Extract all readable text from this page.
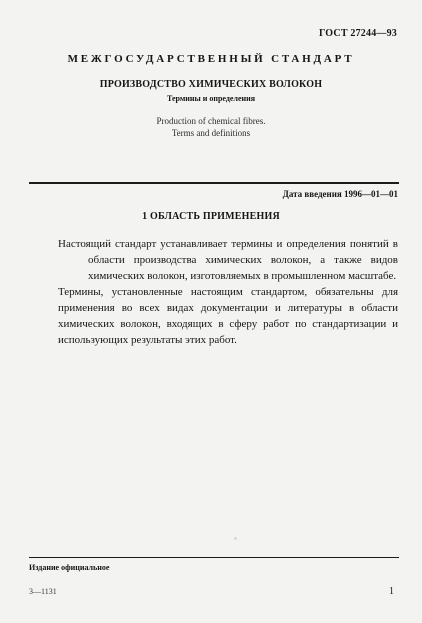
ГОСТ 27244—93
МЕЖГОСУДАРСТВЕННЫЙ СТАНДАРТ
ПРОИЗВОДСТВО ХИМИЧЕСКИХ ВОЛОКОН
Термины и определения
Production of chemical fibres.
Terms and definitions
Дата введения 1996—01—01
1 ОБЛАСТЬ ПРИМЕНЕНИЯ

Настоящий стандарт устанавливает термины и определения понятий в области производства химических волокон, а также видов химических волокон, изготовляемых в промышленном масштабе.

Термины, установленные настоящим стандартом, обязательны для применения во всех видах документации и литературы в области химических волокон, входящих в сферу работ по стандартизации и использующих результаты этих работ.

Издание официальное
3—1131	1
